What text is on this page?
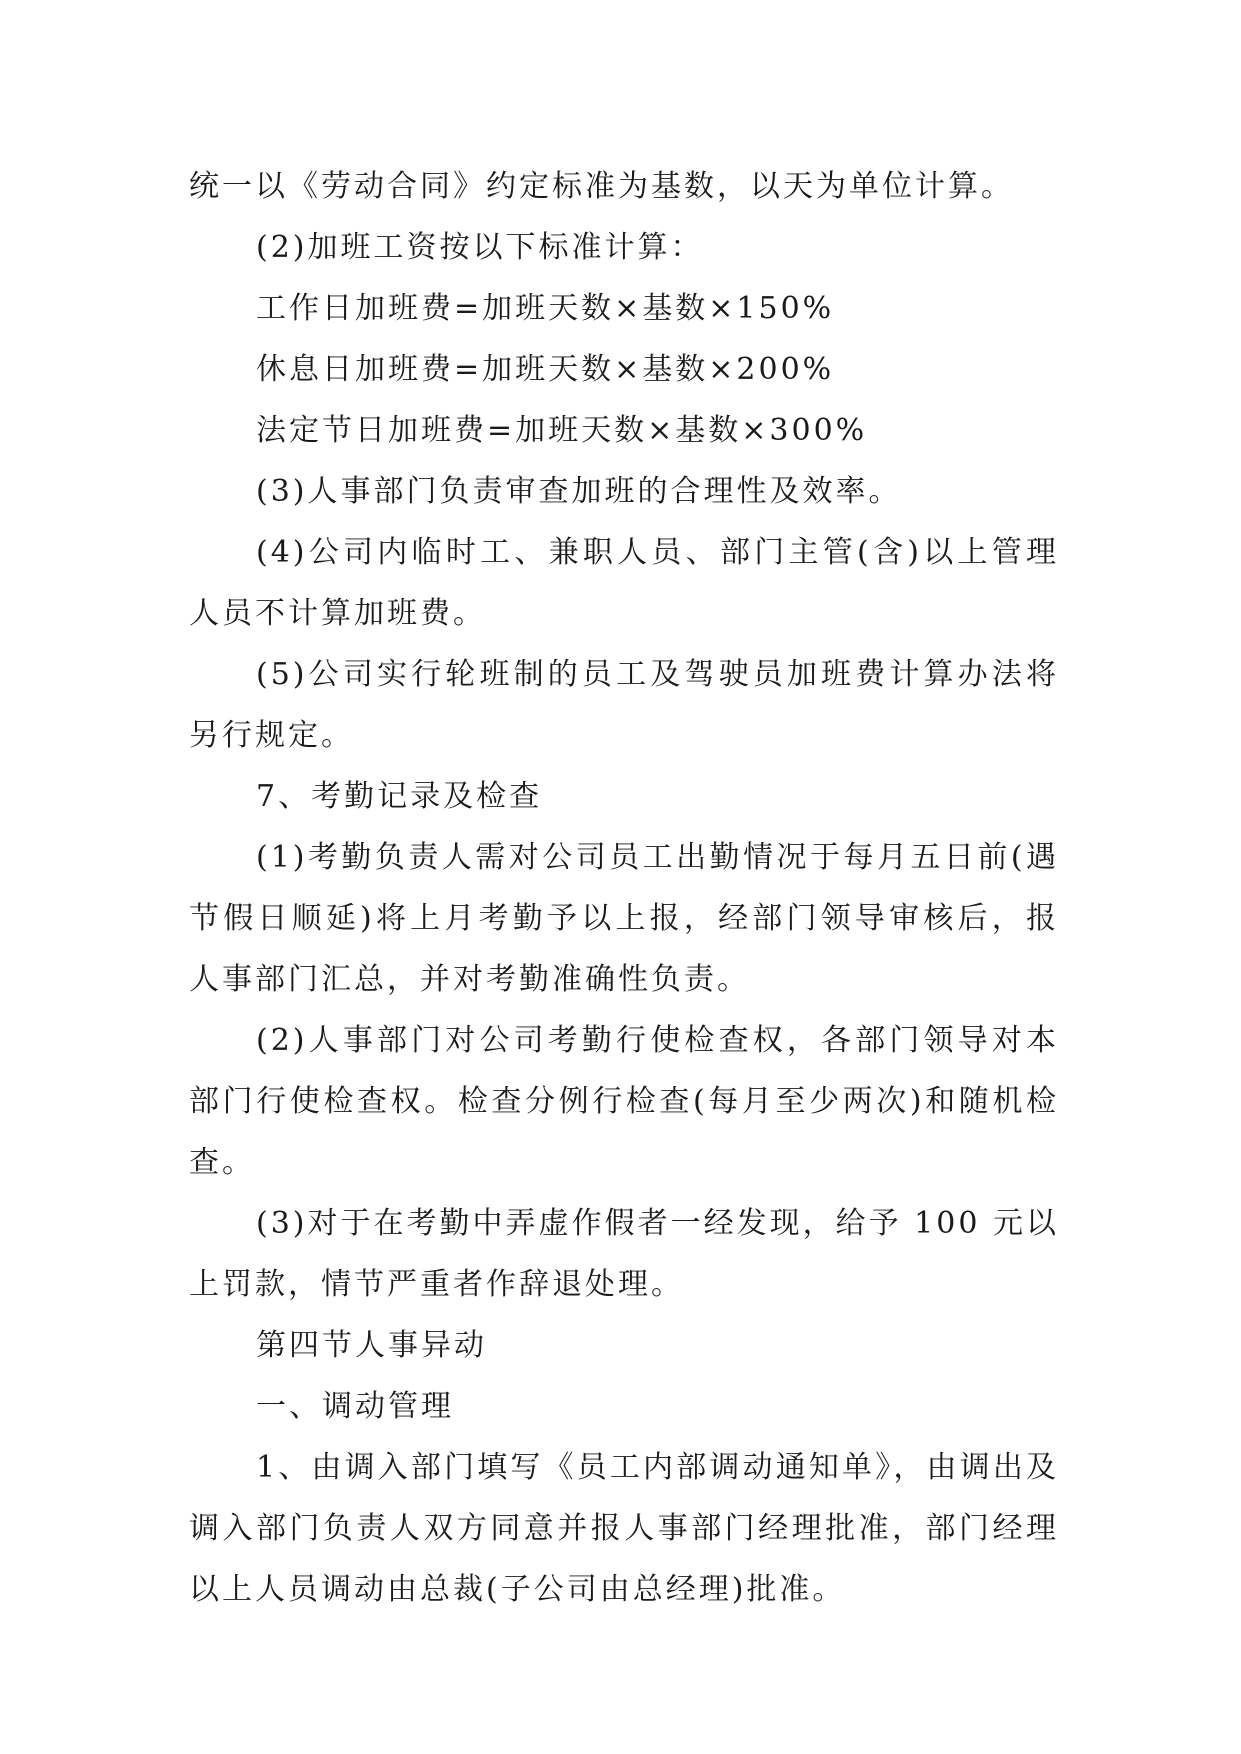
统一以《劳动合同》约定标准为基数，以天为单位计算。

(2)加班工资按以下标准计算：

工作日加班费=加班天数×基数×150%

休息日加班费=加班天数×基数×200%

法定节日加班费=加班天数×基数×300%

(3)人事部门负责审查加班的合理性及效率。

(4)公司内临时工、兼职人员、部门主管(含)以上管理人员不计算加班费。

(5)公司实行轮班制的员工及驾驶员加班费计算办法将另行规定。

7、考勤记录及检查

(1)考勤负责人需对公司员工出勤情况于每月五日前(遇节假日顺延)将上月考勤予以上报，经部门领导审核后，报人事部门汇总，并对考勤准确性负责。

(2)人事部门对公司考勤行使检查权，各部门领导对本部门行使检查权。检查分例行检查(每月至少两次)和随机检查。

(3)对于在考勤中弄虚作假者一经发现，给予 100 元以上罚款，情节严重者作辞退处理。

第四节人事异动

一、调动管理

1、由调入部门填写《员工内部调动通知单》，由调出及调入部门负责人双方同意并报人事部门经理批准，部门经理以上人员调动由总裁(子公司由总经理)批准。
